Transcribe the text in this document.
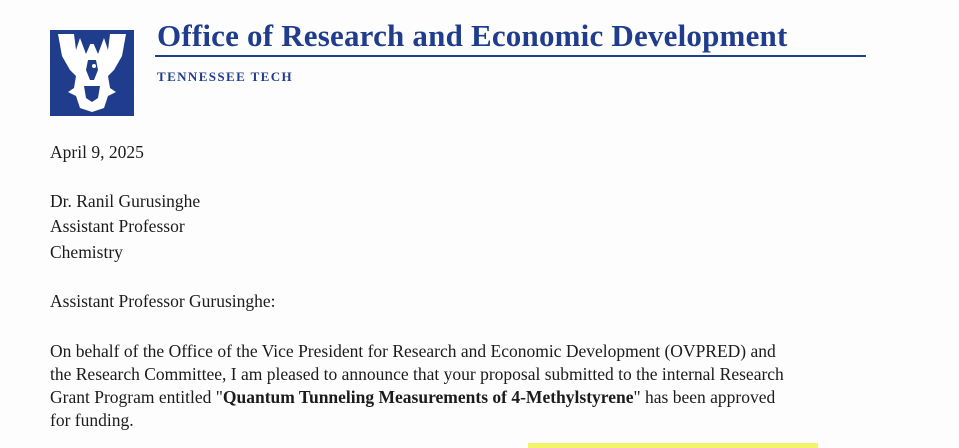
Office of Research and Economic Development
TENNESSEE TECH
April 9, 2025
Dr. Ranil Gurusinghe
Assistant Professor
Chemistry
Assistant Professor Gurusinghe:
On behalf of the Office of the Vice President for Research and Economic Development (OVPRED) and
the Research Committee, I am pleased to announce that your proposal submitted to the internal Research
Grant Program entitled "Quantum Tunneling Measurements of 4-Methylstyrene" has been approved
for funding.
